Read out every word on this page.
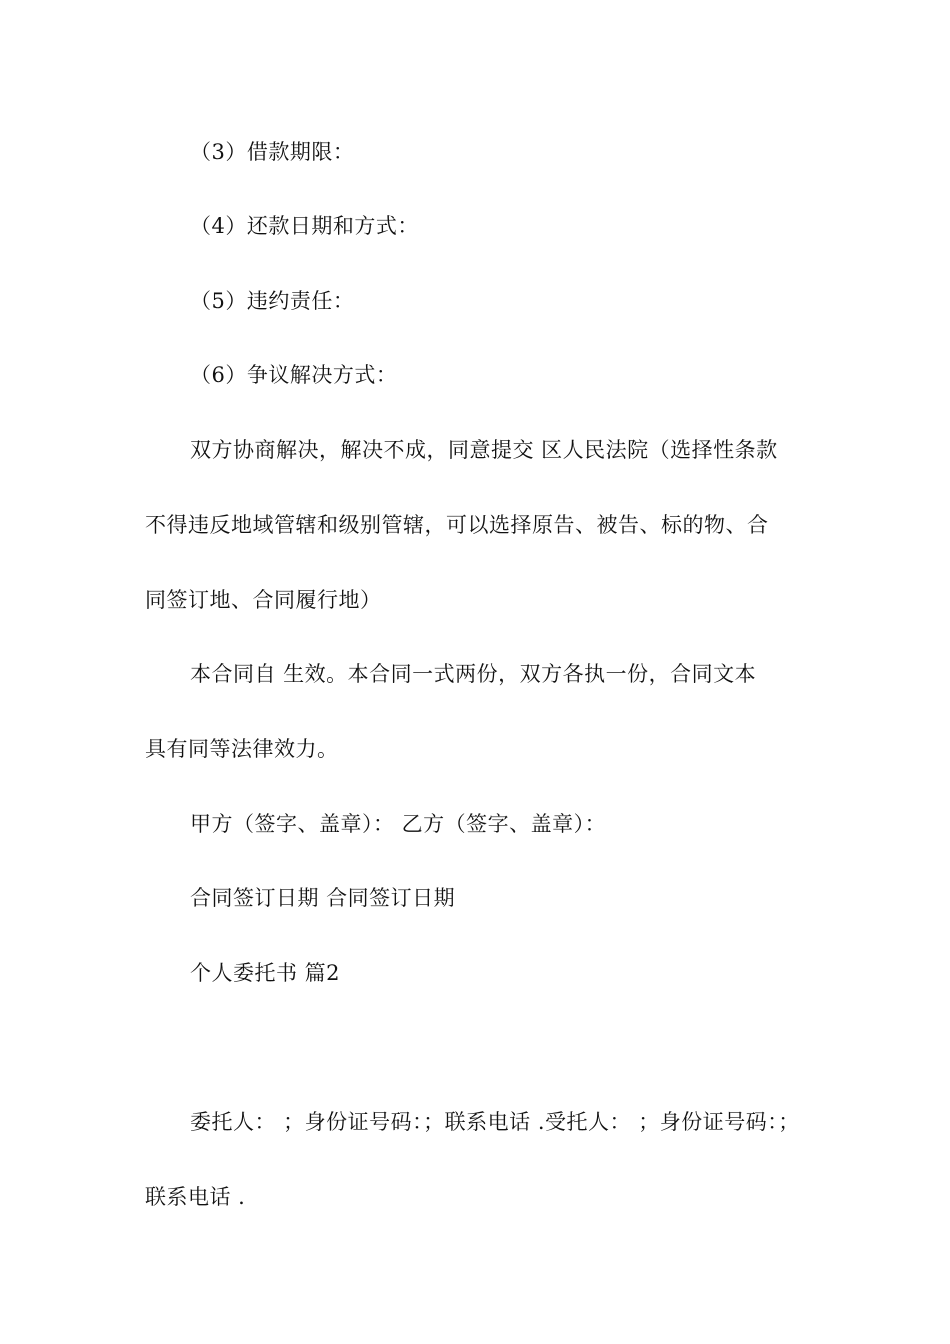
（3）借款期限：
（4）还款日期和方式：
（5）违约责任：
（6）争议解决方式：
双方协商解决，解决不成，同意提交 区人民法院（选择性条款
不得违反地域管辖和级别管辖，可以选择原告、被告、标的物、合
同签订地、合同履行地）
本合同自 生效。本合同一式两份，双方各执一份，合同文本
具有同等法律效力。
甲方（签字、盖章）： 乙方（签字、盖章）：
合同签订日期 合同签订日期
个人委托书 篇2
委托人： ；身份证号码：；联系电话 .受托人： ；身份证号码：；
联系电话 .
